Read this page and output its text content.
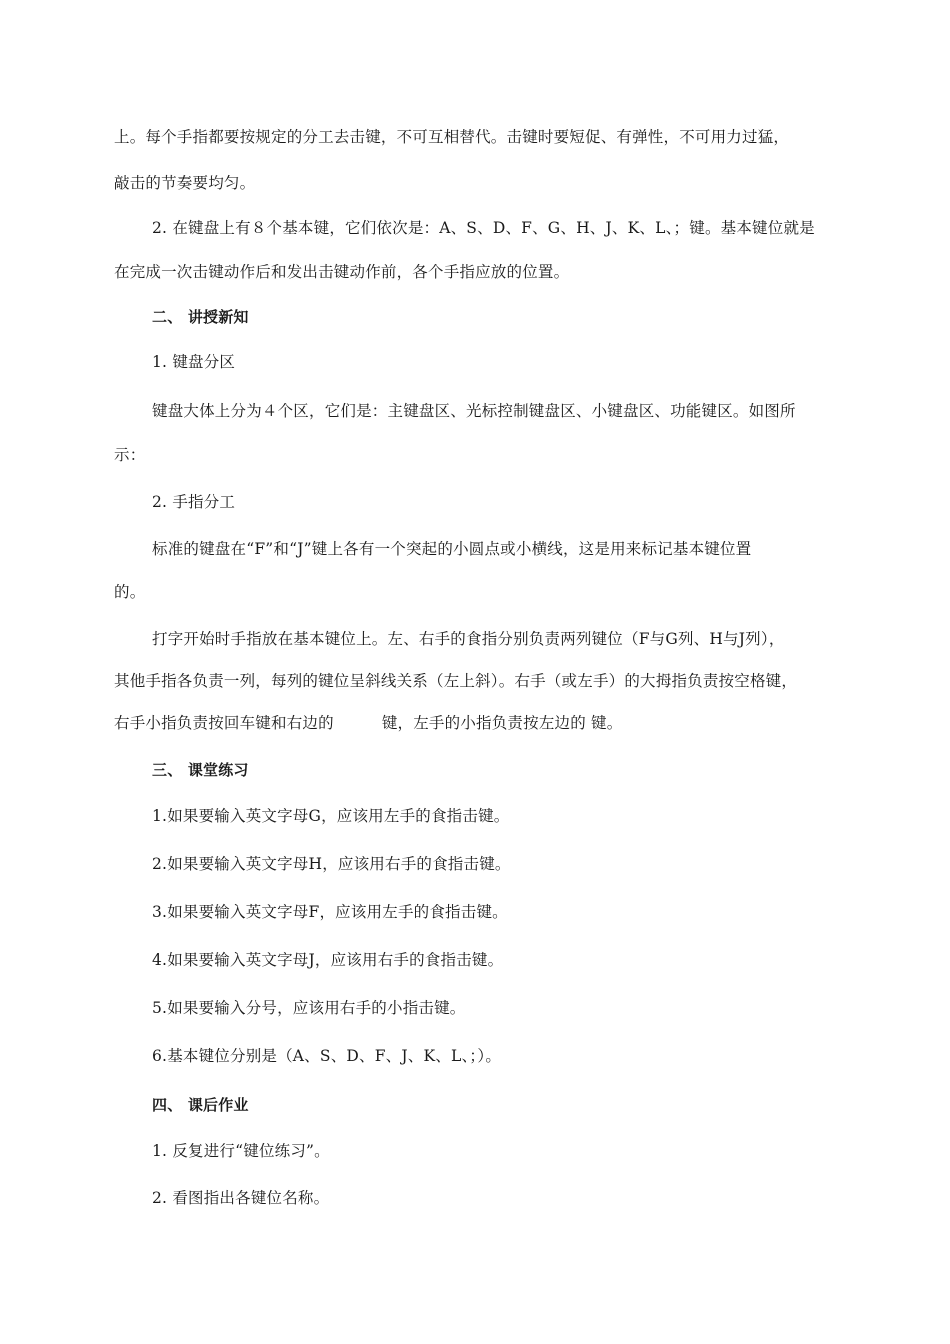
上。每个手指都要按规定的分工去击键，不可互相替代。击键时要短促、有弹性，不可用力过猛，
敲击的节奏要均匀。
2. 在键盘上有８个基本键，它们依次是：A、S、D、F、G、H、J、K、L、；键。基本键位就是
在完成一次击键动作后和发出击键动作前，各个手指应放的位置。
二、 讲授新知
1. 键盘分区
键盘大体上分为４个区，它们是：主键盘区、光标控制键盘区、小键盘区、功能键区。如图所
示：
2. 手指分工
标准的键盘在“F”和“J”键上各有一个突起的小圆点或小横线，这是用来标记基本键位置
的。
打字开始时手指放在基本键位上。左、右手的食指分别负责两列键位（F与G列、H与J列），
其他手指各负责一列，每列的键位呈斜线关系（左上斜）。右手（或左手）的大拇指负责按空格键，
右手小指负责按回车键和右边的	键，左手的小指负责按左边的 键。
三、 课堂练习
1.如果要输入英文字母G，应该用左手的食指击键。
2.如果要输入英文字母H，应该用右手的食指击键。
3.如果要输入英文字母F，应该用左手的食指击键。
4.如果要输入英文字母J，应该用右手的食指击键。
5.如果要输入分号，应该用右手的小指击键。
6.基本键位分别是（A、S、D、F、J、K、L、；）。
四、 课后作业
1. 反复进行“键位练习”。
2. 看图指出各键位名称。
